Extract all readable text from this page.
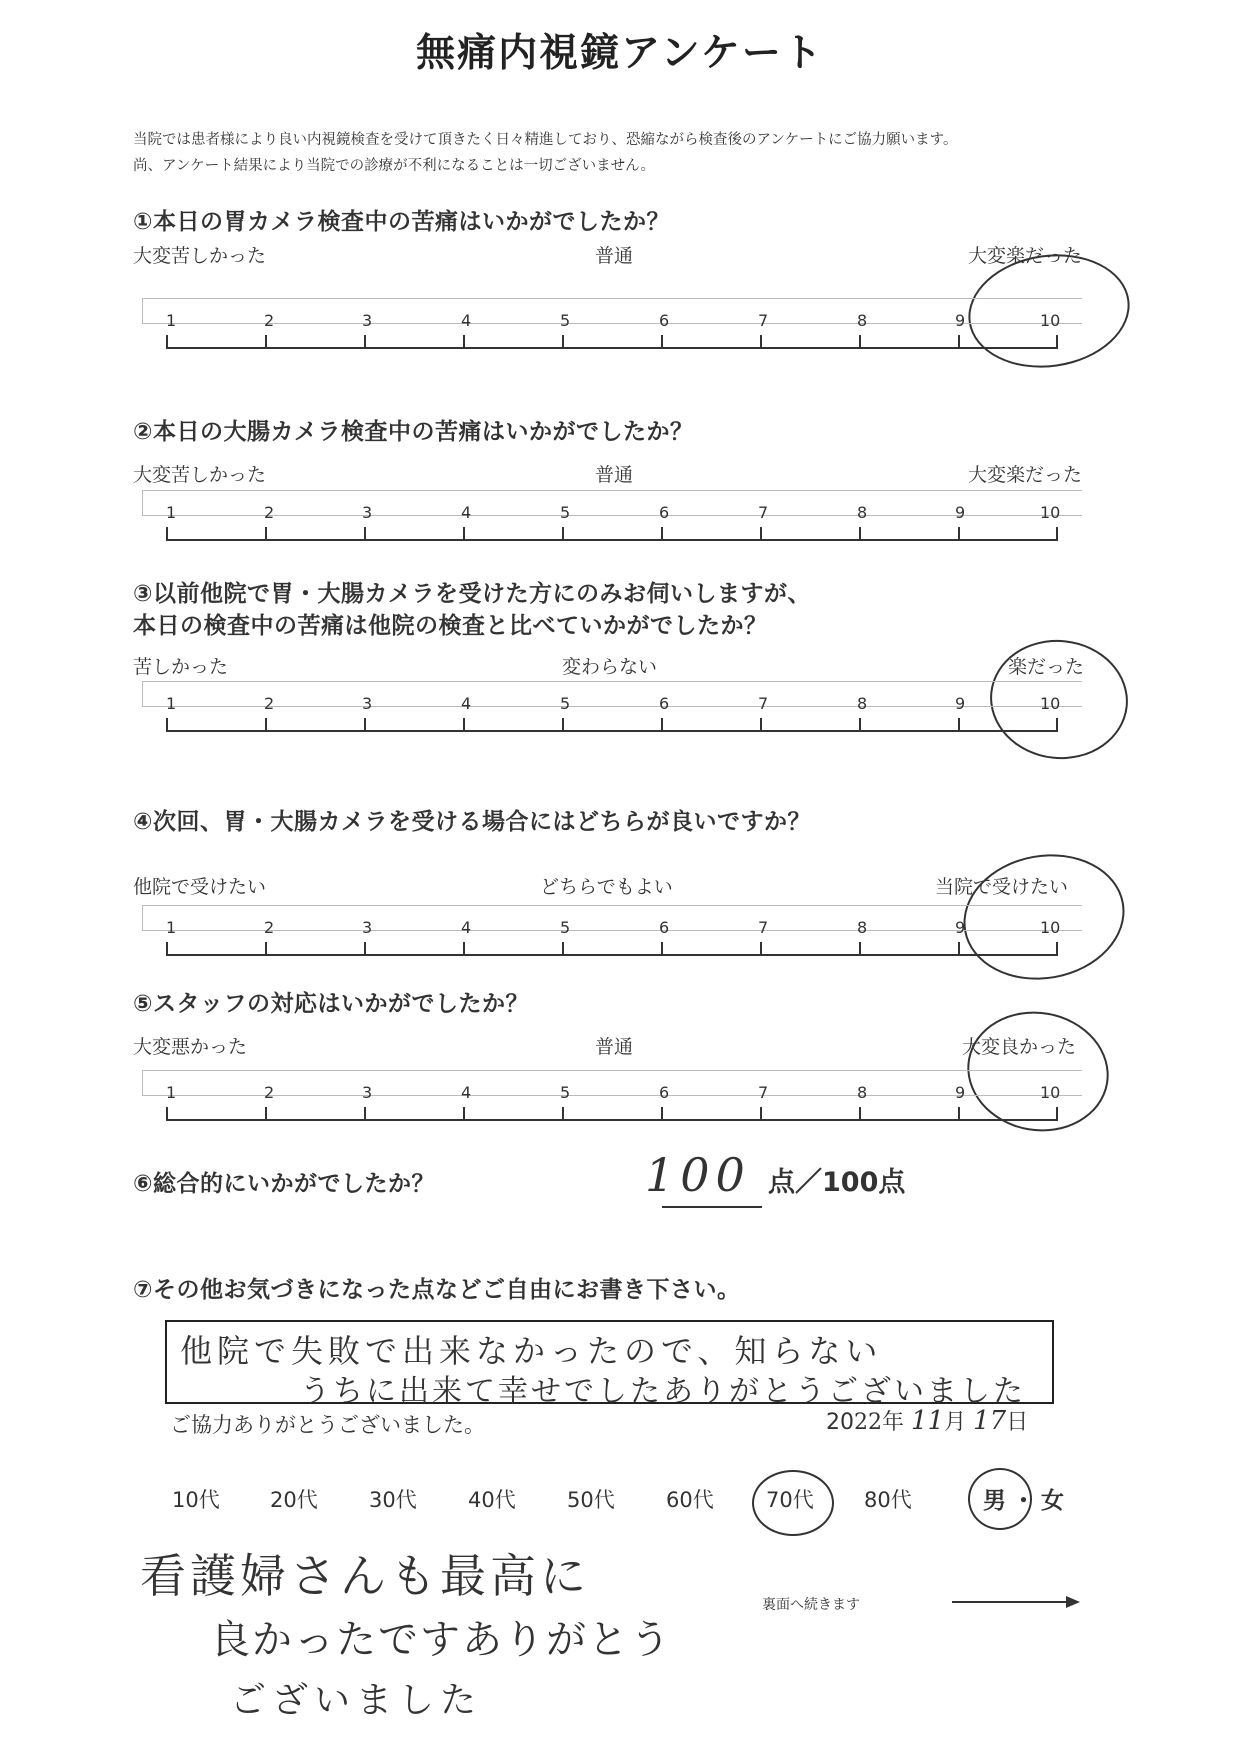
無痛内視鏡アンケート
当院では患者様により良い内視鏡検査を受けて頂きたく日々精進しており、恐縮ながら検査後のアンケートにご協力願います。
尚、アンケート結果により当院での診療が不利になることは一切ございません。
①本日の胃カメラ検査中の苦痛はいかがでしたか？
大変苦しかった	普通	大変楽だった
②本日の大腸カメラ検査中の苦痛はいかがでしたか？
大変苦しかった	普通	大変楽だった
③以前他院で胃・大腸カメラを受けた方にのみお伺いしますが、
本日の検査中の苦痛は他院の検査と比べていかがでしたか？
苦しかった	変わらない	楽だった
④次回、胃・大腸カメラを受ける場合にはどちらが良いですか？
他院で受けたい	どちらでもよい	当院で受けたい
⑤スタッフの対応はいかがでしたか？
大変悪かった	普通	大変良かった
⑥総合的にいかがでしたか？	100 点／100点
⑦その他お気づきになった点などご自由にお書き下さい。
他院で失敗で出来なかったので、知らない
うちに出来て幸せでしたありがとうございました
ご協力ありがとうございました。	2022年 11月 17日
10代 20代 30代 40代 50代 60代 70代 80代	男 ・ 女
看護婦さんも最高に
良かったですありがとう
ございました
裏面へ続きます
1	2	3	4	5	6	7	8	9	10
1	2	3	4	5	6	7	8	9	10
1	2	3	4	5	6	7	8	9	10
1	2	3	4	5	6	7	8	9	10
1	2	3	4	5	6	7	8	9	10
